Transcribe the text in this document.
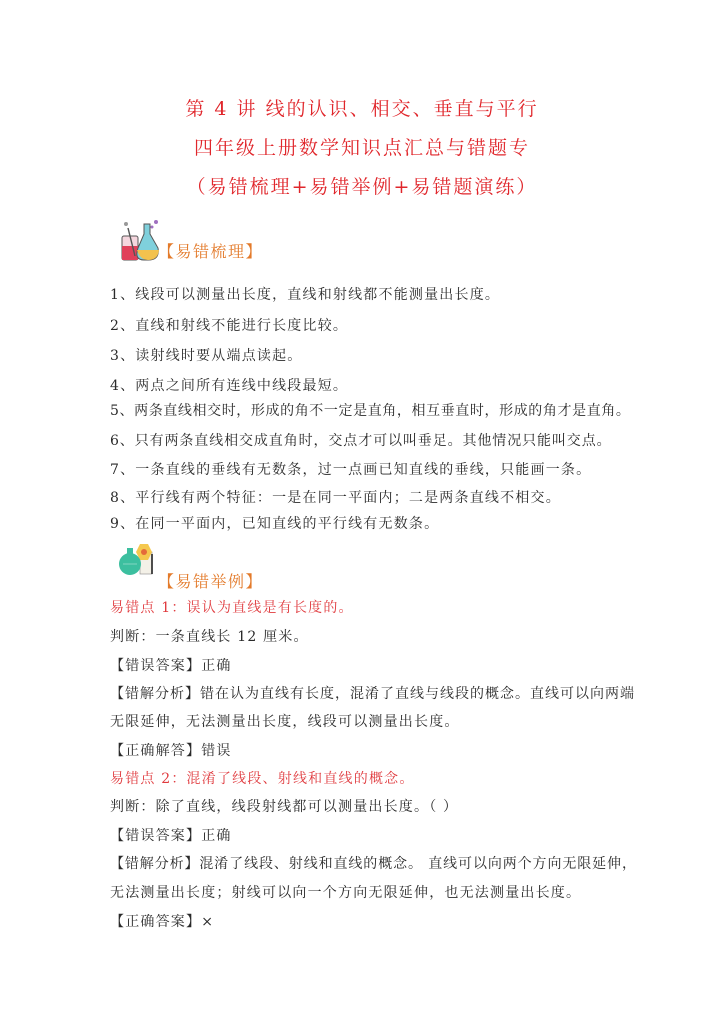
第 4 讲 线的认识、相交、垂直与平行
四年级上册数学知识点汇总与错题专
（易错梳理+易错举例+易错题演练）
【易错梳理】
1、线段可以测量出长度，直线和射线都不能测量出长度。
2、直线和射线不能进行长度比较。
3、读射线时要从端点读起。
4、两点之间所有连线中线段最短。
5、两条直线相交时，形成的角不一定是直角，相互垂直时，形成的角才是直角。
6、只有两条直线相交成直角时，交点才可以叫垂足。其他情况只能叫交点。
7、一条直线的垂线有无数条，过一点画已知直线的垂线，只能画一条。
8、平行线有两个特征：一是在同一平面内；二是两条直线不相交。
9、在同一平面内，已知直线的平行线有无数条。
【易错举例】
易错点 1：误认为直线是有长度的。
判断：一条直线长 12 厘米。
【错误答案】正确
【错解分析】错在认为直线有长度，混淆了直线与线段的概念。直线可以向两端
无限延伸，无法测量出长度，线段可以测量出长度。
【正确解答】错误
易错点 2：混淆了线段、射线和直线的概念。
判断：除了直线，线段射线都可以测量出长度。（ ）
【错误答案】正确
【错解分析】混淆了线段、射线和直线的概念。 直线可以向两个方向无限延伸，
无法测量出长度；射线可以向一个方向无限延伸，也无法测量出长度。
【正确答案】×
